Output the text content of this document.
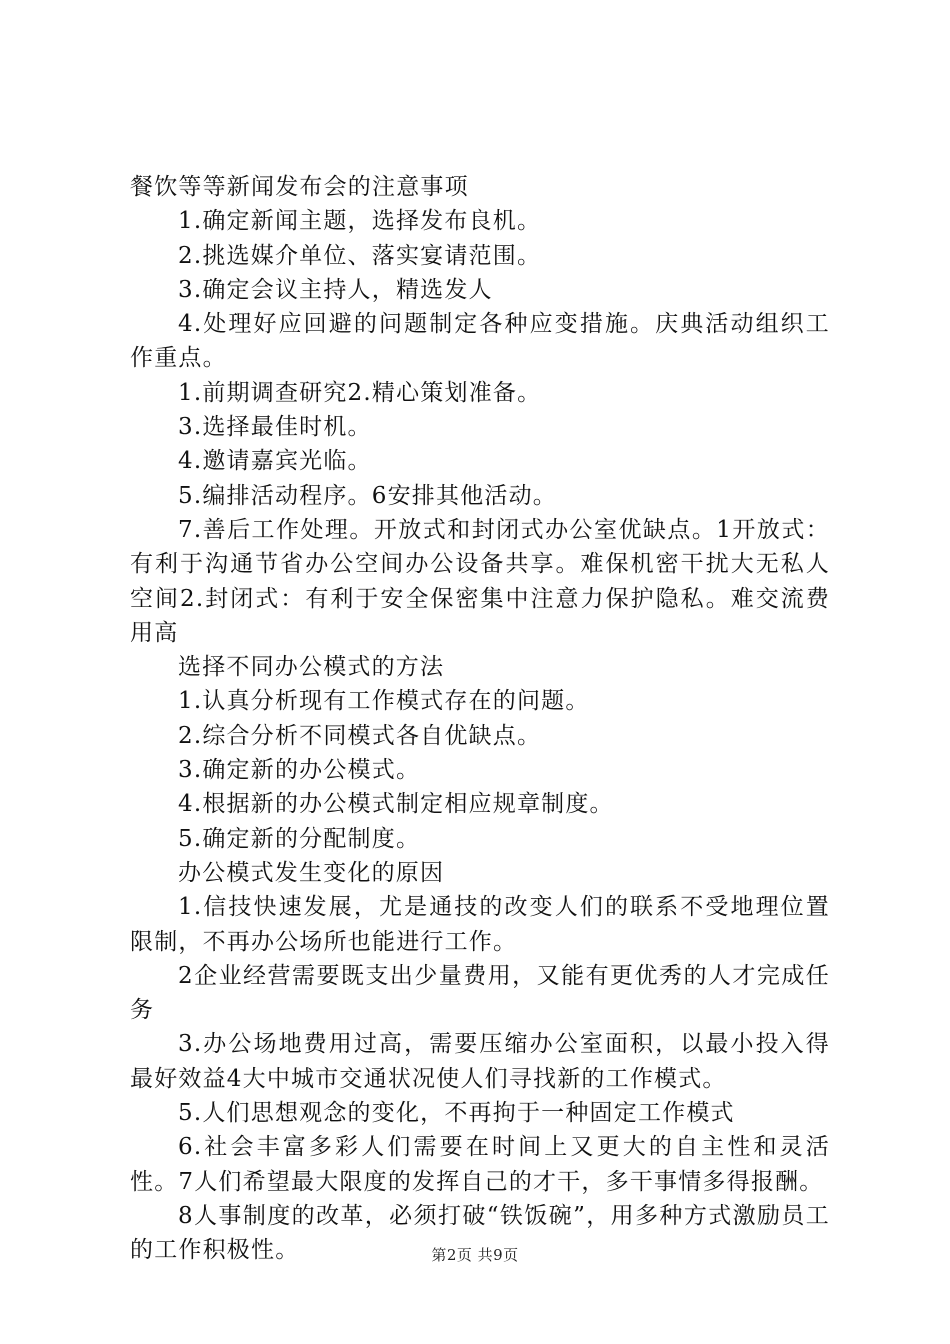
餐饮等等新闻发布会的注意事项

1.确定新闻主题，选择发布良机。

2.挑选媒介单位、落实宴请范围。

3.确定会议主持人，精选发人

4.处理好应回避的问题制定各种应变措施。庆典活动组织工作重点。

1.前期调查研究2.精心策划准备。

3.选择最佳时机。

4.邀请嘉宾光临。

5.编排活动程序。6安排其他活动。

7.善后工作处理。开放式和封闭式办公室优缺点。1开放式：有利于沟通节省办公空间办公设备共享。难保机密干扰大无私人空间2.封闭式：有利于安全保密集中注意力保护隐私。难交流费用高

选择不同办公模式的方法

1.认真分析现有工作模式存在的问题。

2.综合分析不同模式各自优缺点。

3.确定新的办公模式。

4.根据新的办公模式制定相应规章制度。

5.确定新的分配制度。

办公模式发生变化的原因

1.信技快速发展，尤是通技的改变人们的联系不受地理位置限制，不再办公场所也能进行工作。

2企业经营需要既支出少量费用，又能有更优秀的人才完成任务

3.办公场地费用过高，需要压缩办公室面积，以最小投入得最好效益4大中城市交通状况使人们寻找新的工作模式。

5.人们思想观念的变化，不再拘于一种固定工作模式

6.社会丰富多彩人们需要在时间上又更大的自主性和灵活性。7人们希望最大限度的发挥自己的才干，多干事情多得报酬。

8人事制度的改革，必须打破“铁饭碗”，用多种方式激励员工的工作积极性。	第2页 共9页
